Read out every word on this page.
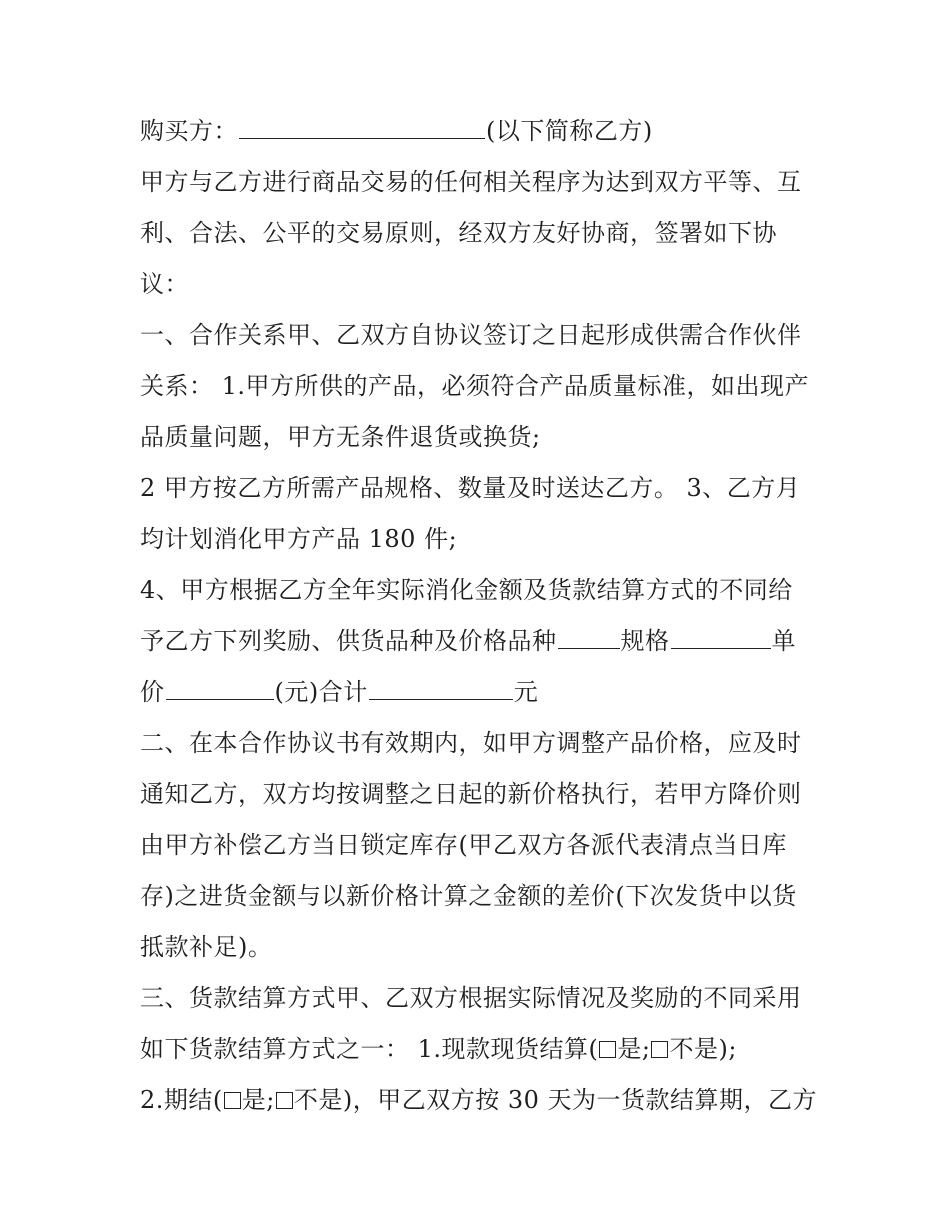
购买方：	(以下简称乙方)
甲方与乙方进行商品交易的任何相关程序为达到双方平等、互
利、合法、公平的交易原则，经双方友好协商，签署如下协
议：
一、合作关系甲、乙双方自协议签订之日起形成供需合作伙伴
关系： 1.甲方所供的产品，必须符合产品质量标准，如出现产
品质量问题，甲方无条件退货或换货;
2 甲方按乙方所需产品规格、数量及时送达乙方。 3、乙方月
均计划消化甲方产品 180 件;
4、甲方根据乙方全年实际消化金额及货款结算方式的不同给
予乙方下列奖励、供货品种及价格品种	规格	单
价	(元)合计	元
二、在本合作协议书有效期内，如甲方调整产品价格，应及时
通知乙方，双方均按调整之日起的新价格执行，若甲方降价则
由甲方补偿乙方当日锁定库存(甲乙双方各派代表清点当日库
存)之进货金额与以新价格计算之金额的差价(下次发货中以货
抵款补足)。
三、货款结算方式甲、乙双方根据实际情况及奖励的不同采用
如下货款结算方式之一： 1.现款现货结算( 是; 不是);
2.期结( 是; 不是)，甲乙双方按 30 天为一货款结算期，乙方
